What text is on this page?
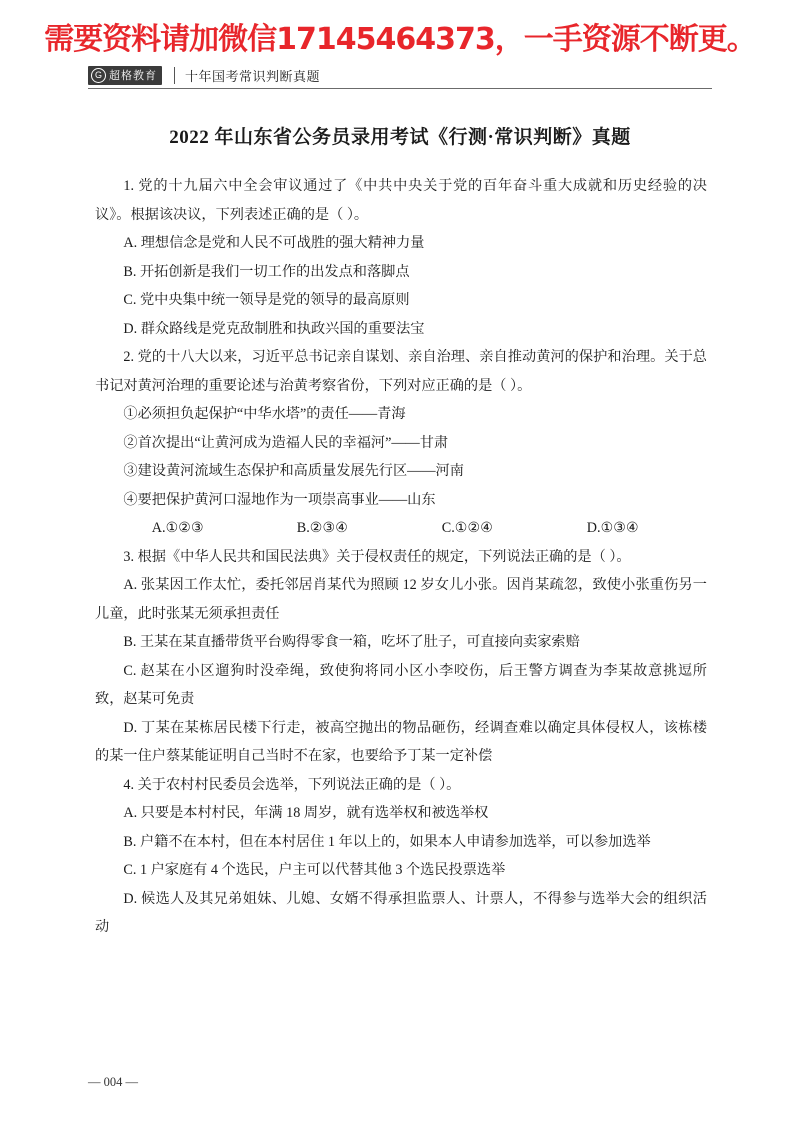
需要资料请加微信17145464373，一手资源不断更。
G 超格教育 十年国考常识判断真题
2022 年山东省公务员录用考试《行测·常识判断》真题

1. 党的十九届六中全会审议通过了《中共中央关于党的百年奋斗重大成就和历史经验的决议》。根据该决议，下列表述正确的是（ ）。

A. 理想信念是党和人民不可战胜的强大精神力量

B. 开拓创新是我们一切工作的出发点和落脚点

C. 党中央集中统一领导是党的领导的最高原则

D. 群众路线是党克敌制胜和执政兴国的重要法宝

2. 党的十八大以来，习近平总书记亲自谋划、亲自治理、亲自推动黄河的保护和治理。关于总书记对黄河治理的重要论述与治黄考察省份，下列对应正确的是（ ）。

①必须担负起保护“中华水塔”的责任——青海

②首次提出“让黄河成为造福人民的幸福河”——甘肃

③建设黄河流域生态保护和高质量发展先行区——河南

④要把保护黄河口湿地作为一项崇高事业——山东

A.①②③	B.②③④	C.①②④	D.①③④

3. 根据《中华人民共和国民法典》关于侵权责任的规定，下列说法正确的是（ ）。

A. 张某因工作太忙，委托邻居肖某代为照顾 12 岁女儿小张。因肖某疏忽，致使小张重伤另一儿童，此时张某无须承担责任

B. 王某在某直播带货平台购得零食一箱，吃坏了肚子，可直接向卖家索赔

C. 赵某在小区遛狗时没牵绳，致使狗将同小区小李咬伤，后王警方调查为李某故意挑逗所致，赵某可免责

D. 丁某在某栋居民楼下行走，被高空抛出的物品砸伤，经调查难以确定具体侵权人，该栋楼的某一住户蔡某能证明自己当时不在家，也要给予丁某一定补偿

4. 关于农村村民委员会选举，下列说法正确的是（ ）。

A. 只要是本村村民，年满 18 周岁，就有选举权和被选举权

B. 户籍不在本村，但在本村居住 1 年以上的，如果本人申请参加选举，可以参加选举

C. 1 户家庭有 4 个选民，户主可以代替其他 3 个选民投票选举

D. 候选人及其兄弟姐妹、儿媳、女婿不得承担监票人、计票人，不得参与选举大会的组织活动

— 004 —
